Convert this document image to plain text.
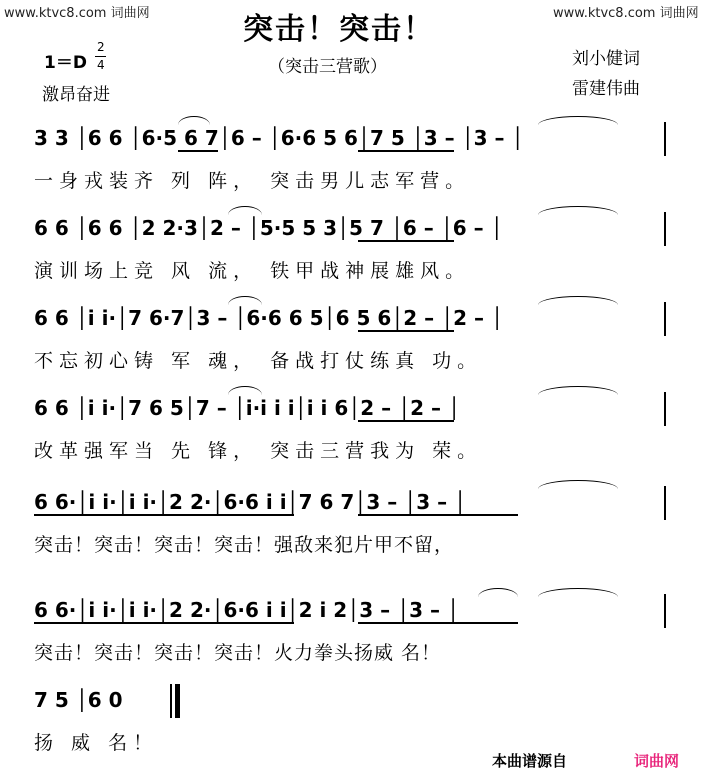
www.ktvc8.com 词曲网	www.ktvc8.com 词曲网
突击！突击！
（突击三营歌）
1＝D
2
4
激昂奋进
刘小健词
雷建伟曲
3 3 │6 6 │6·5 6 7│6 – │6·6 5 6│7 5 │3 – │3 – │
一身戎装齐 列 阵， 突击男儿志军营。
6 6 │6 6 │2 2·3│2 – │5·5 5 3│5 7 │6 – │6 – │
演训场上竞 风 流， 铁甲战神展雄风。
6 6 │i i·│7 6·7│3 – │6·6 6 5│6 5 6│2 – │2 – │
不忘初心铸 军 魂， 备战打仗练真 功。
6 6 │i i·│7 6 5│7 – │i·i i i│i i 6│2 – │2 – │
改革强军当 先 锋， 突击三营我为 荣。
6 6·│i i·│i i·│2 2·│6·6 i i│7 6 7│3 – │3 – │
突击！突击！突击！突击！强敌来犯片甲不留，
6 6·│i i·│i i·│2 2·│6·6 i i│2 i 2│3 – │3 – │
突击！突击！突击！突击！火力拳头扬威 名！
7 5 │6 0
扬 威 名！
本曲谱源自	词曲网
